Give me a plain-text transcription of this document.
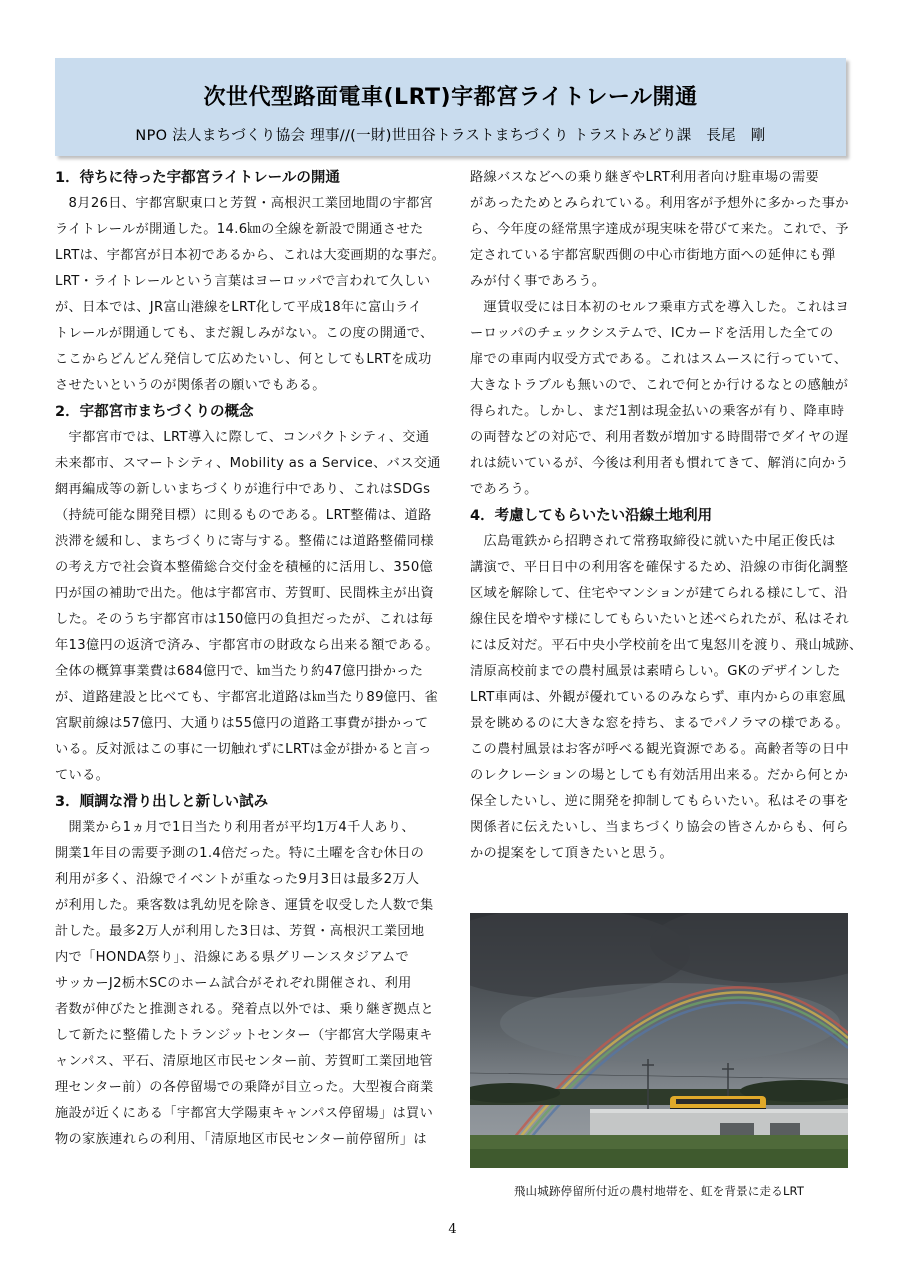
次世代型路面電車(LRT)宇都宮ライトレール開通
NPO 法人まちづくり協会 理事//(一財)世田谷トラストまちづくり トラストみどり課　長尾　剛
1．待ちに待った宇都宮ライトレールの開通
　8月26日、宇都宮駅東口と芳賀・高根沢工業団地間の宇都宮
ライトレールが開通した。14.6㎞の全線を新設で開通させた
LRTは、宇都宮が日本初であるから、これは大変画期的な事だ。
LRT・ライトレールという言葉はヨーロッパで言われて久しい
が、日本では、JR富山港線をLRT化して平成18年に富山ライ
トレールが開通しても、まだ親しみがない。この度の開通で、
ここからどんどん発信して広めたいし、何としてもLRTを成功
させたいというのが関係者の願いでもある。
2．宇都宮市まちづくりの概念
　宇都宮市では、LRT導入に際して、コンパクトシティ、交通
未来都市、スマートシティ、Mobility as a Service、バス交通
網再編成等の新しいまちづくりが進行中であり、これはSDGs
（持続可能な開発目標）に則るものである。LRT整備は、道路
渋滞を緩和し、まちづくりに寄与する。整備には道路整備同様
の考え方で社会資本整備総合交付金を積極的に活用し、350億
円が国の補助で出た。他は宇都宮市、芳賀町、民間株主が出資
した。そのうち宇都宮市は150億円の負担だったが、これは毎
年13億円の返済で済み、宇都宮市の財政なら出来る額である。
全体の概算事業費は684億円で、㎞当たり約47億円掛かった
が、道路建設と比べても、宇都宮北道路は㎞当たり89億円、雀
宮駅前線は57億円、大通りは55億円の道路工事費が掛かって
いる。反対派はこの事に一切触れずにLRTは金が掛かると言っ
ている。
3．順調な滑り出しと新しい試み
　開業から1ヵ月で1日当たり利用者が平均1万4千人あり、
開業1年目の需要予測の1.4倍だった。特に土曜を含む休日の
利用が多く、沿線でイベントが重なった9月3日は最多2万人
が利用した。乗客数は乳幼児を除き、運賃を収受した人数で集
計した。最多2万人が利用した3日は、芳賀・高根沢工業団地
内で「HONDA祭り」、沿線にある県グリーンスタジアムで
サッカーJ2栃木SCのホーム試合がそれぞれ開催され、利用
者数が伸びたと推測される。発着点以外では、乗り継ぎ拠点と
して新たに整備したトランジットセンター（宇都宮大学陽東キ
ャンパス、平石、清原地区市民センター前、芳賀町工業団地管
理センター前）の各停留場での乗降が目立った。大型複合商業
施設が近くにある「宇都宮大学陽東キャンパス停留場」は買い
物の家族連れらの利用、「清原地区市民センター前停留所」は
路線バスなどへの乗り継ぎやLRT利用者向け駐車場の需要
があったためとみられている。利用客が予想外に多かった事か
ら、今年度の経常黒字達成が現実味を帯びて来た。これで、予
定されている宇都宮駅西側の中心市街地方面への延伸にも弾
みが付く事であろう。
　運賃収受には日本初のセルフ乗車方式を導入した。これはヨ
ーロッパのチェックシステムで、ICカードを活用した全ての
扉での車両内収受方式である。これはスムースに行っていて、
大きなトラブルも無いので、これで何とか行けるなとの感触が
得られた。しかし、まだ1割は現金払いの乗客が有り、降車時
の両替などの対応で、利用者数が増加する時間帯でダイヤの遅
れは続いているが、今後は利用者も慣れてきて、解消に向かう
であろう。
4．考慮してもらいたい沿線土地利用
　広島電鉄から招聘されて常務取締役に就いた中尾正俊氏は
講演で、平日日中の利用客を確保するため、沿線の市街化調整
区域を解除して、住宅やマンションが建てられる様にして、沿
線住民を増やす様にしてもらいたいと述べられたが、私はそれ
には反対だ。平石中央小学校前を出て鬼怒川を渡り、飛山城跡、
清原高校前までの農村風景は素晴らしい。GKのデザインした
LRT車両は、外観が優れているのみならず、車内からの車窓風
景を眺めるのに大きな窓を持ち、まるでパノラマの様である。
この農村風景はお客が呼べる観光資源である。高齢者等の日中
のレクレーションの場としても有効活用出来る。だから何とか
保全したいし、逆に開発を抑制してもらいたい。私はその事を
関係者に伝えたいし、当まちづくり協会の皆さんからも、何ら
かの提案をして頂きたいと思う。
飛山城跡停留所付近の農村地帯を、虹を背景に走るLRT
4
